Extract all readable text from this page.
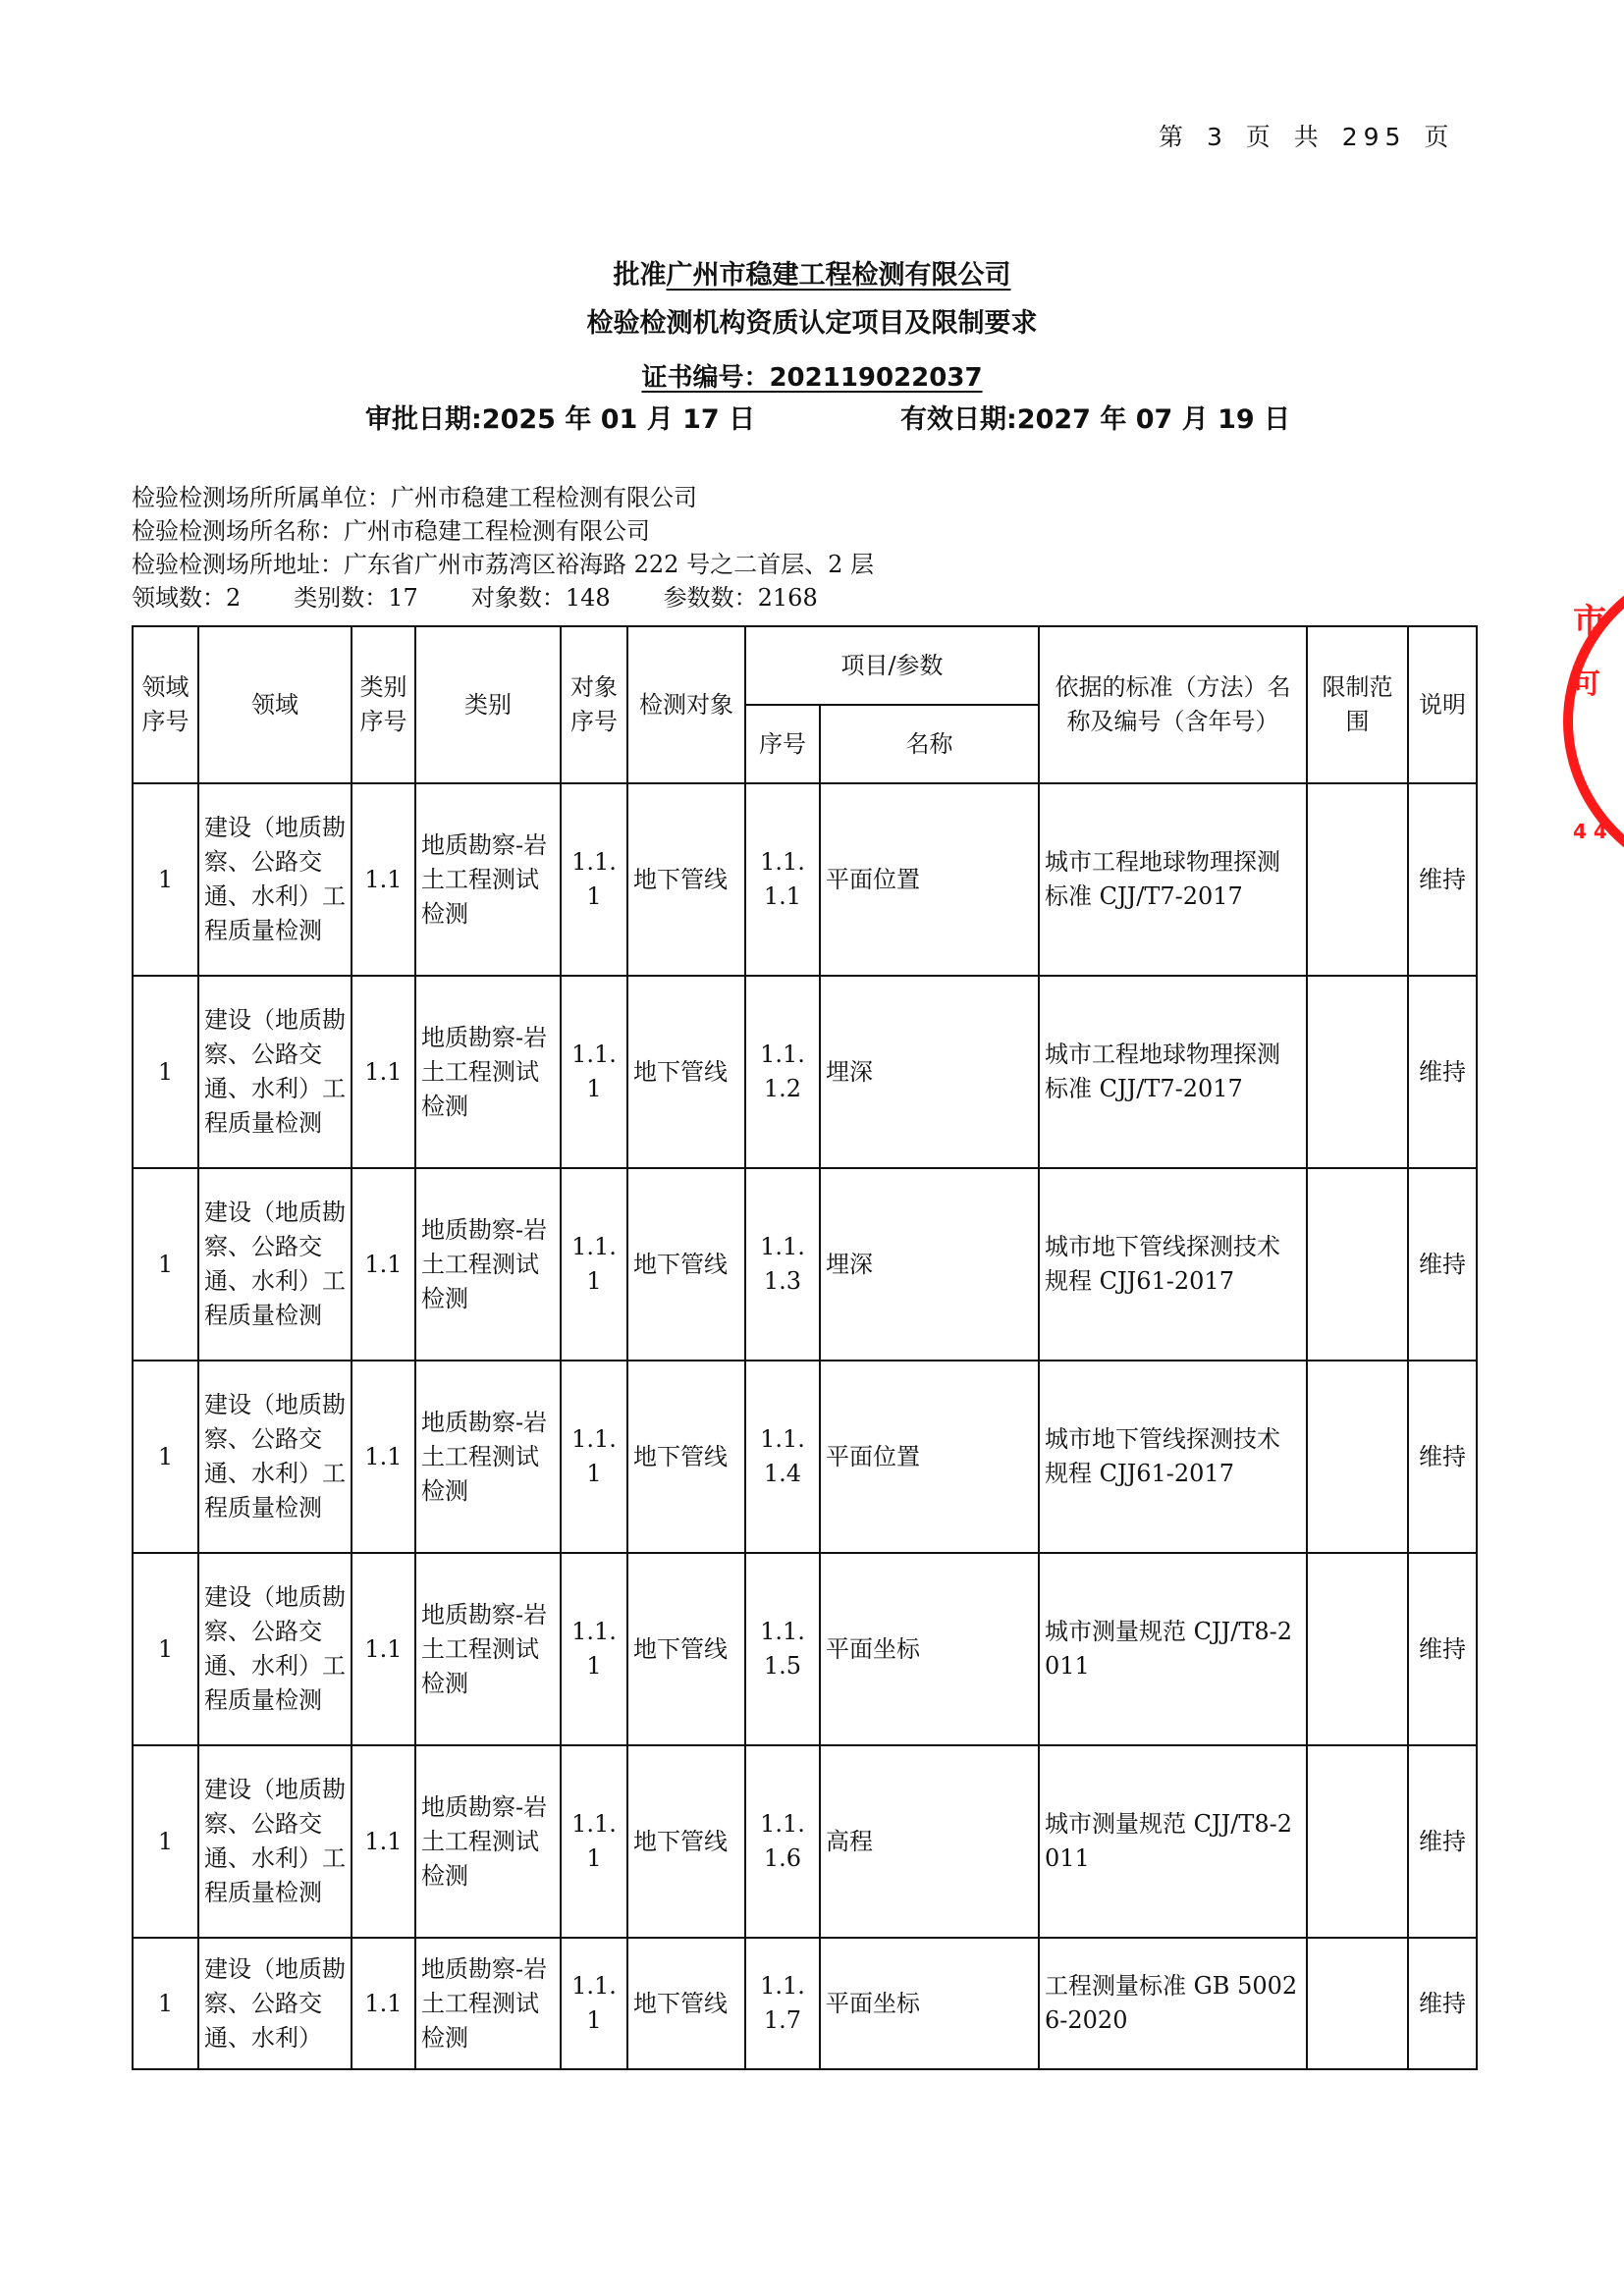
第 3 页 共 295 页
批准广州市稳建工程检测有限公司
检验检测机构资质认定项目及限制要求
证书编号：202119022037
审批日期:2025 年 01 月 17 日	有效日期:2027 年 07 月 19 日
检验检测场所所属单位：广州市稳建工程检测有限公司
检验检测场所名称：广州市稳建工程检测有限公司
检验检测场所地址：广东省广州市荔湾区裕海路 222 号之二首层、2 层
领域数：2 类别数：17 对象数：148 参数数：2168
领域序号	领域	类别序号	类别	对象序号	检测对象	项目/参数		依据的标准（方法）名称及编号（含年号）	限制范围	说明
						序号	名称			
1	建设（地质勘察、公路交通、水利）工程质量检测	1.1	地质勘察-岩土工程测试检测	1.1.1	地下管线	1.1.1.1	平面位置	城市工程地球物理探测标准 CJJ/T7-2017		维持
1	建设（地质勘察、公路交通、水利）工程质量检测	1.1	地质勘察-岩土工程测试检测	1.1.1	地下管线	1.1.1.2	埋深	城市工程地球物理探测标准 CJJ/T7-2017		维持
1	建设（地质勘察、公路交通、水利）工程质量检测	1.1	地质勘察-岩土工程测试检测	1.1.1	地下管线	1.1.1.3	埋深	城市地下管线探测技术规程 CJJ61-2017		维持
1	建设（地质勘察、公路交通、水利）工程质量检测	1.1	地质勘察-岩土工程测试检测	1.1.1	地下管线	1.1.1.4	平面位置	城市地下管线探测技术规程 CJJ61-2017		维持
1	建设（地质勘察、公路交通、水利）工程质量检测	1.1	地质勘察-岩土工程测试检测	1.1.1	地下管线	1.1.1.5	平面坐标	城市测量规范 CJJ/T8-2011		维持
1	建设（地质勘察、公路交通、水利）工程质量检测	1.1	地质勘察-岩土工程测试检测	1.1.1	地下管线	1.1.1.6	高程	城市测量规范 CJJ/T8-2011		维持
1	建设（地质勘察、公路交通、水利）	1.1	地质勘察-岩土工程测试检测	1.1.1	地下管线	1.1.1.7	平面坐标	工程测量标准 GB 50026-2020		维持
市
可
4 4
